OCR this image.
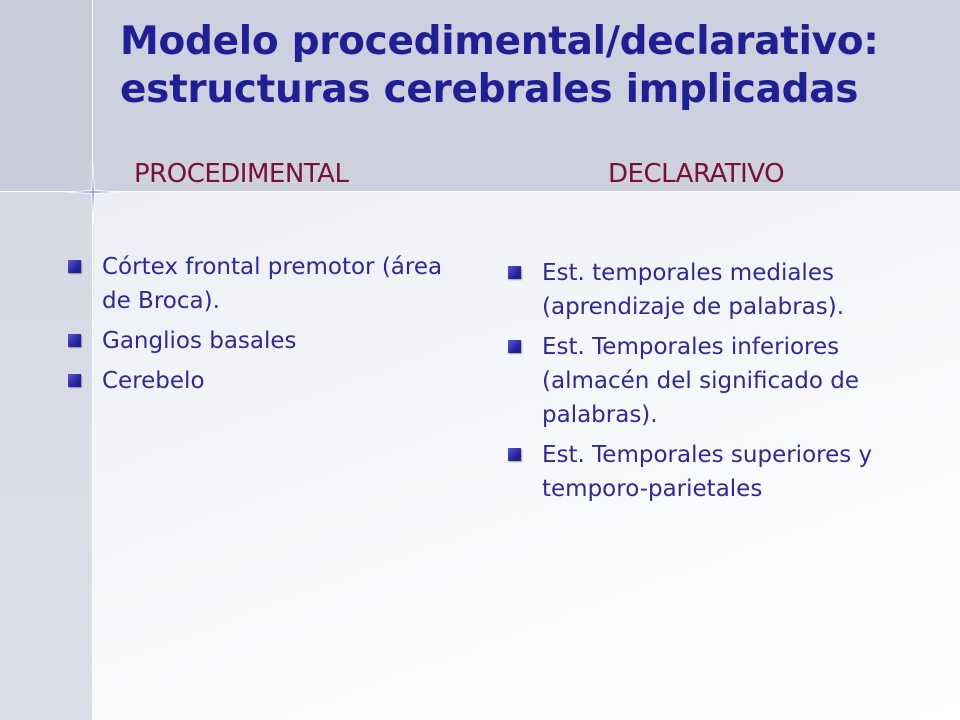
Modelo procedimental/declarativo:
estructuras cerebrales implicadas
PROCEDIMENTAL	DECLARATIVO
Córtex frontal premotor (área de Broca).
Ganglios basales
Cerebelo
Est. temporales mediales (aprendizaje de palabras).
Est. Temporales inferiores (almacén del significado de palabras).
Est. Temporales superiores y temporo-parietales
